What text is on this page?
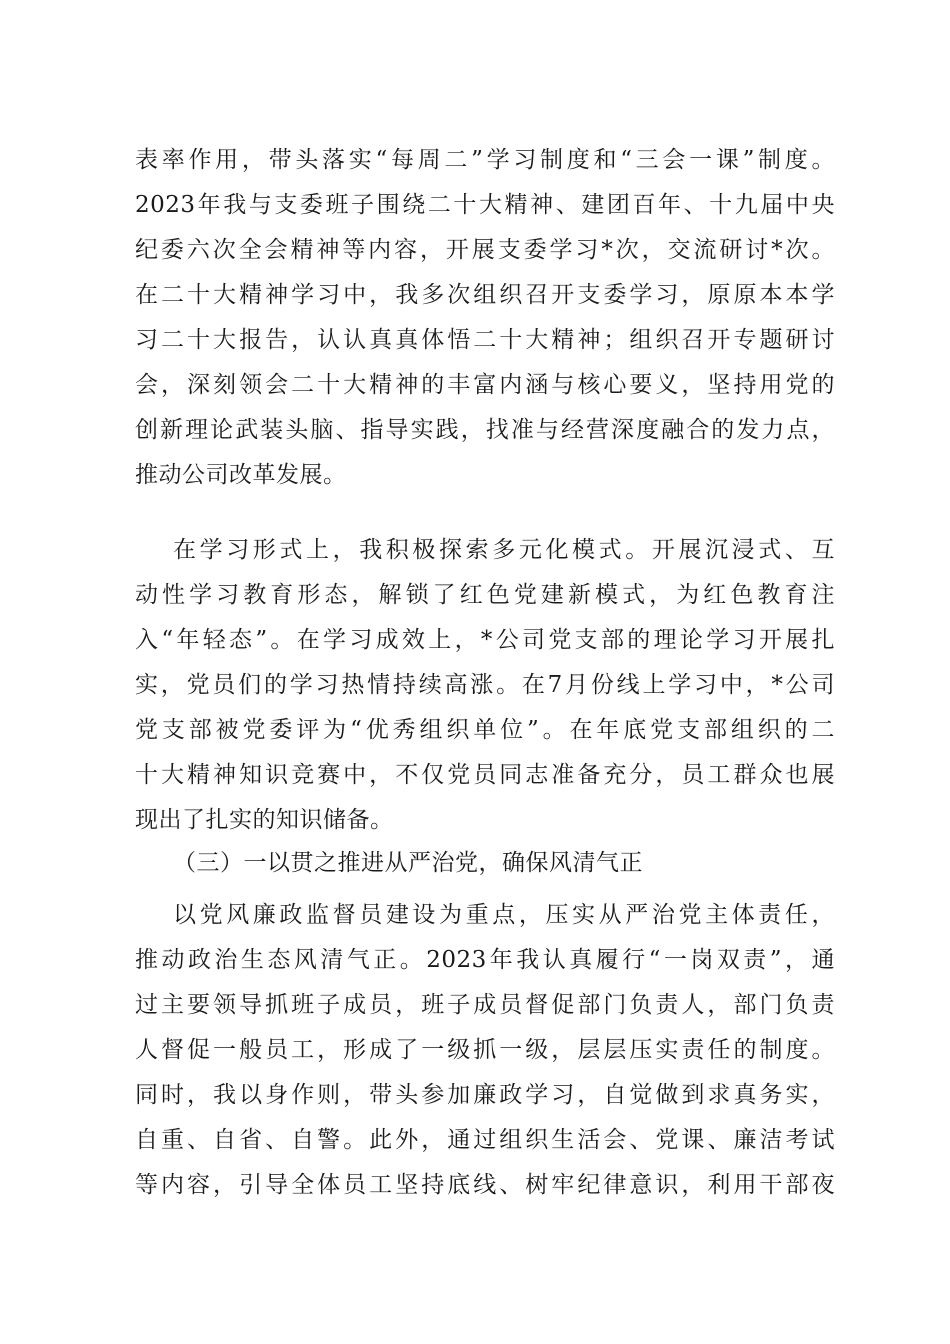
表率作用，带头落实“每周二”学习制度和“三会一课”制度。
2023年我与支委班子围绕二十大精神、建团百年、十九届中央
纪委六次全会精神等内容，开展支委学习*次，交流研讨*次。
在二十大精神学习中，我多次组织召开支委学习，原原本本学
习二十大报告，认认真真体悟二十大精神；组织召开专题研讨
会，深刻领会二十大精神的丰富内涵与核心要义，坚持用党的
创新理论武装头脑、指导实践，找准与经营深度融合的发力点，
推动公司改革发展。
在学习形式上，我积极探索多元化模式。开展沉浸式、互
动性学习教育形态，解锁了红色党建新模式，为红色教育注
入“年轻态”。在学习成效上，*公司党支部的理论学习开展扎
实，党员们的学习热情持续高涨。在7月份线上学习中，*公司
党支部被党委评为“优秀组织单位”。在年底党支部组织的二
十大精神知识竞赛中，不仅党员同志准备充分，员工群众也展
现出了扎实的知识储备。
（三）一以贯之推进从严治党，确保风清气正
以党风廉政监督员建设为重点，压实从严治党主体责任，
推动政治生态风清气正。2023年我认真履行“一岗双责”，通
过主要领导抓班子成员，班子成员督促部门负责人，部门负责
人督促一般员工，形成了一级抓一级，层层压实责任的制度。
同时，我以身作则，带头参加廉政学习，自觉做到求真务实，
自重、自省、自警。此外，通过组织生活会、党课、廉洁考试
等内容，引导全体员工坚持底线、树牢纪律意识，利用干部夜
